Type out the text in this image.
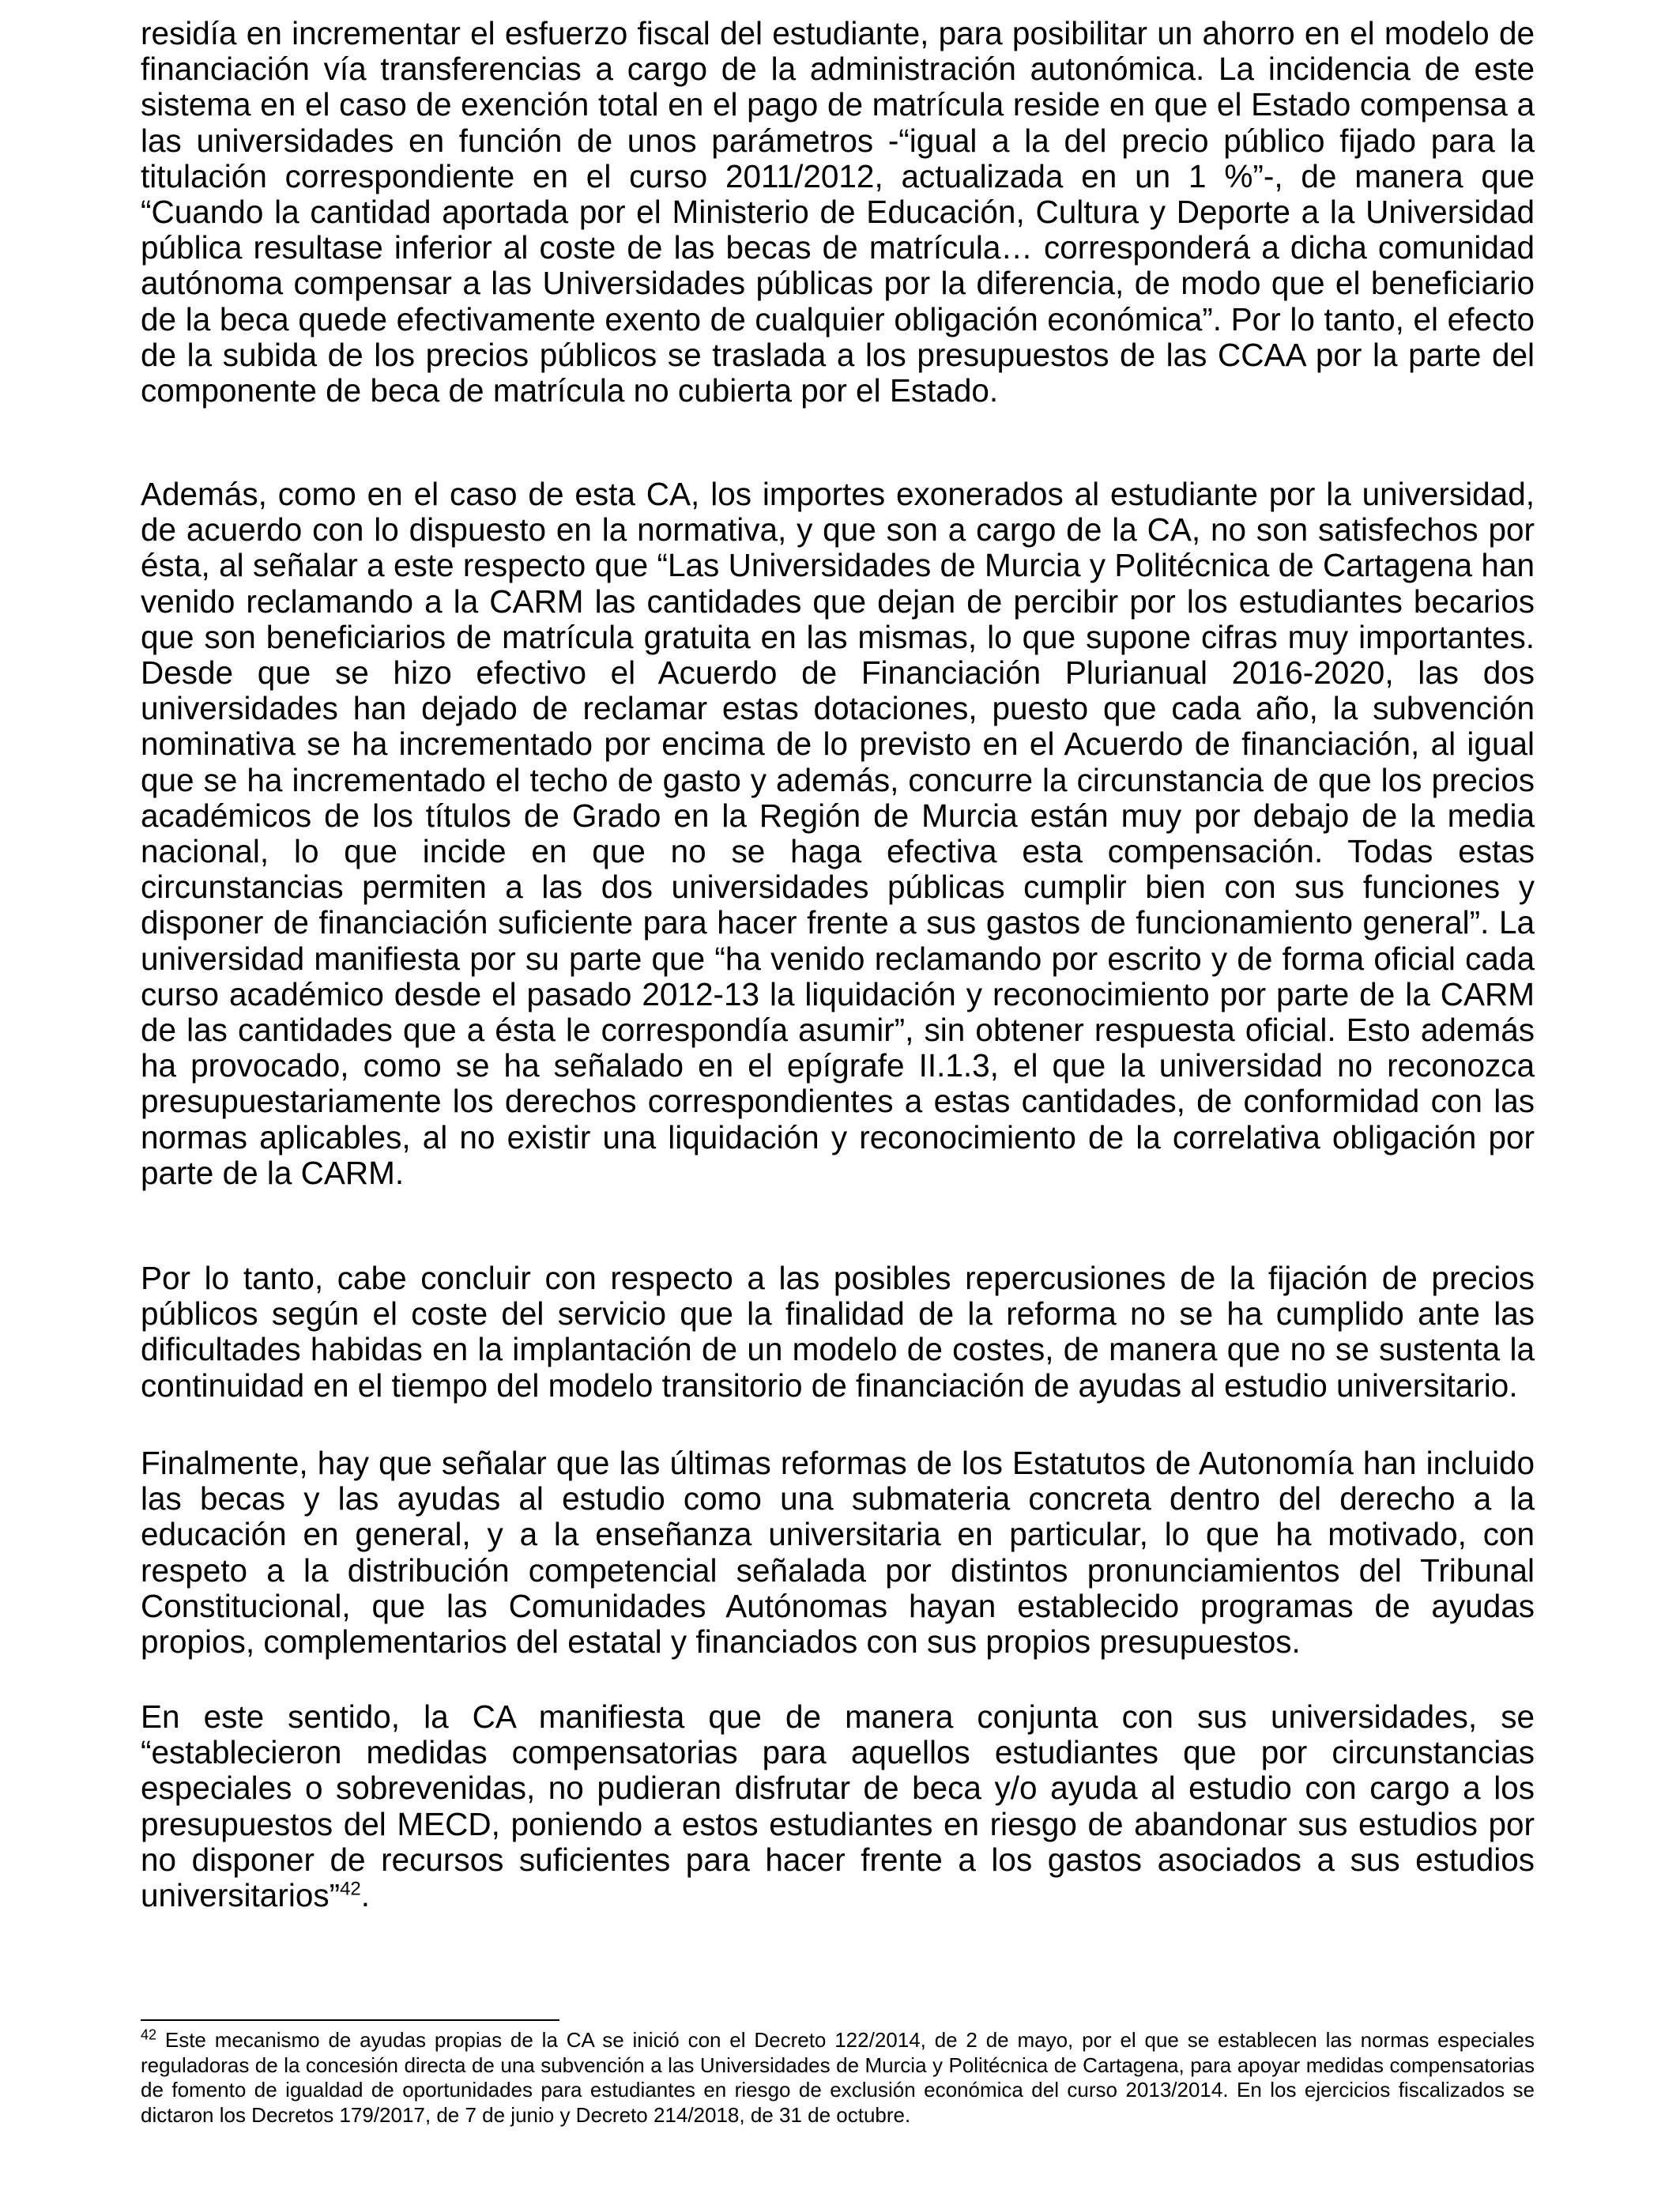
residía en incrementar el esfuerzo fiscal del estudiante, para posibilitar un ahorro en el modelo de financiación vía transferencias a cargo de la administración autonómica. La incidencia de este sistema en el caso de exención total en el pago de matrícula reside en que el Estado compensa a las universidades en función de unos parámetros -“igual a la del precio público fijado para la titulación correspondiente en el curso 2011/2012, actualizada en un 1 %”-, de manera que “Cuando la cantidad aportada por el Ministerio de Educación, Cultura y Deporte a la Universidad pública resultase inferior al coste de las becas de matrícula… corresponderá a dicha comunidad autónoma compensar a las Universidades públicas por la diferencia, de modo que el beneficiario de la beca quede efectivamente exento de cualquier obligación económica”. Por lo tanto, el efecto de la subida de los precios públicos se traslada a los presupuestos de las CCAA por la parte del componente de beca de matrícula no cubierta por el Estado.

Además, como en el caso de esta CA, los importes exonerados al estudiante por la universidad, de acuerdo con lo dispuesto en la normativa, y que son a cargo de la CA, no son satisfechos por ésta, al señalar a este respecto que “Las Universidades de Murcia y Politécnica de Cartagena han venido reclamando a la CARM las cantidades que dejan de percibir por los estudiantes becarios que son beneficiarios de matrícula gratuita en las mismas, lo que supone cifras muy importantes. Desde que se hizo efectivo el Acuerdo de Financiación Plurianual 2016-2020, las dos universidades han dejado de reclamar estas dotaciones, puesto que cada año, la subvención nominativa se ha incrementado por encima de lo previsto en el Acuerdo de financiación, al igual que se ha incrementado el techo de gasto y además, concurre la circunstancia de que los precios académicos de los títulos de Grado en la Región de Murcia están muy por debajo de la media nacional, lo que incide en que no se haga efectiva esta compensación. Todas estas circunstancias permiten a las dos universidades públicas cumplir bien con sus funciones y disponer de financiación suficiente para hacer frente a sus gastos de funcionamiento general”. La universidad manifiesta por su parte que “ha venido reclamando por escrito y de forma oficial cada curso académico desde el pasado 2012-13 la liquidación y reconocimiento por parte de la CARM de las cantidades que a ésta le correspondía asumir”, sin obtener respuesta oficial. Esto además ha provocado, como se ha señalado en el epígrafe II.1.3, el que la universidad no reconozca presupuestariamente los derechos correspondientes a estas cantidades, de conformidad con las normas aplicables, al no existir una liquidación y reconocimiento de la correlativa obligación por parte de la CARM.

Por lo tanto, cabe concluir con respecto a las posibles repercusiones de la fijación de precios públicos según el coste del servicio que la finalidad de la reforma no se ha cumplido ante las dificultades habidas en la implantación de un modelo de costes, de manera que no se sustenta la continuidad en el tiempo del modelo transitorio de financiación de ayudas al estudio universitario.

Finalmente, hay que señalar que las últimas reformas de los Estatutos de Autonomía han incluido las becas y las ayudas al estudio como una submateria concreta dentro del derecho a la educación en general, y a la enseñanza universitaria en particular, lo que ha motivado, con respeto a la distribución competencial señalada por distintos pronunciamientos del Tribunal Constitucional, que las Comunidades Autónomas hayan establecido programas de ayudas propios, complementarios del estatal y financiados con sus propios presupuestos.

En este sentido, la CA manifiesta que de manera conjunta con sus universidades, se “establecieron medidas compensatorias para aquellos estudiantes que por circunstancias especiales o sobrevenidas, no pudieran disfrutar de beca y/o ayuda al estudio con cargo a los presupuestos del MECD, poniendo a estos estudiantes en riesgo de abandonar sus estudios por no disponer de recursos suficientes para hacer frente a los gastos asociados a sus estudios universitarios”$^{42}$.

$^{42}$ Este mecanismo de ayudas propias de la CA se inició con el Decreto 122/2014, de 2 de mayo, por el que se establecen las normas especiales reguladoras de la concesión directa de una subvención a las Universidades de Murcia y Politécnica de Cartagena, para apoyar medidas compensatorias de fomento de igualdad de oportunidades para estudiantes en riesgo de exclusión económica del curso 2013/2014. En los ejercicios fiscalizados se dictaron los Decretos 179/2017, de 7 de junio y Decreto 214/2018, de 31 de octubre.
